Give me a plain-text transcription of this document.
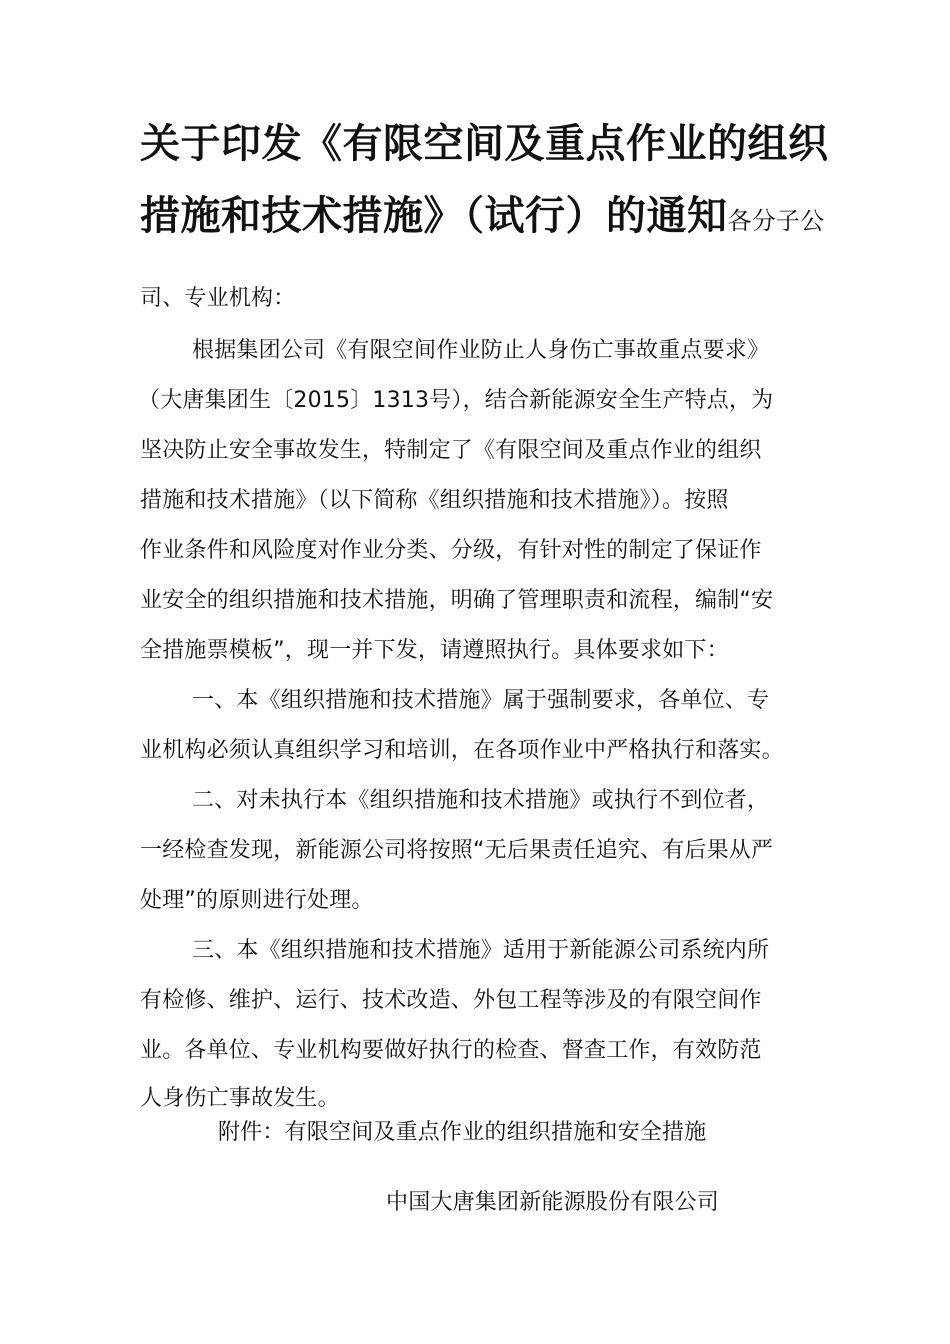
关于印发《有限空间及重点作业的组织
措施和技术措施》（试行）的通知各分子公
司、专业机构：
根据集团公司《有限空间作业防止人身伤亡事故重点要求》
（大唐集团生〔2015〕1313号），结合新能源安全生产特点，为
坚决防止安全事故发生，特制定了《有限空间及重点作业的组织
措施和技术措施》（以下简称《组织措施和技术措施》）。按照
作业条件和风险度对作业分类、分级，有针对性的制定了保证作
业安全的组织措施和技术措施，明确了管理职责和流程，编制“安
全措施票模板”，现一并下发，请遵照执行。具体要求如下：
一、本《组织措施和技术措施》属于强制要求，各单位、专
业机构必须认真组织学习和培训，在各项作业中严格执行和落实。
二、对未执行本《组织措施和技术措施》或执行不到位者，
一经检查发现，新能源公司将按照“无后果责任追究、有后果从严
处理”的原则进行处理。
三、本《组织措施和技术措施》适用于新能源公司系统内所
有检修、维护、运行、技术改造、外包工程等涉及的有限空间作
业。各单位、专业机构要做好执行的检查、督查工作，有效防范
人身伤亡事故发生。
附件：有限空间及重点作业的组织措施和安全措施
中国大唐集团新能源股份有限公司
